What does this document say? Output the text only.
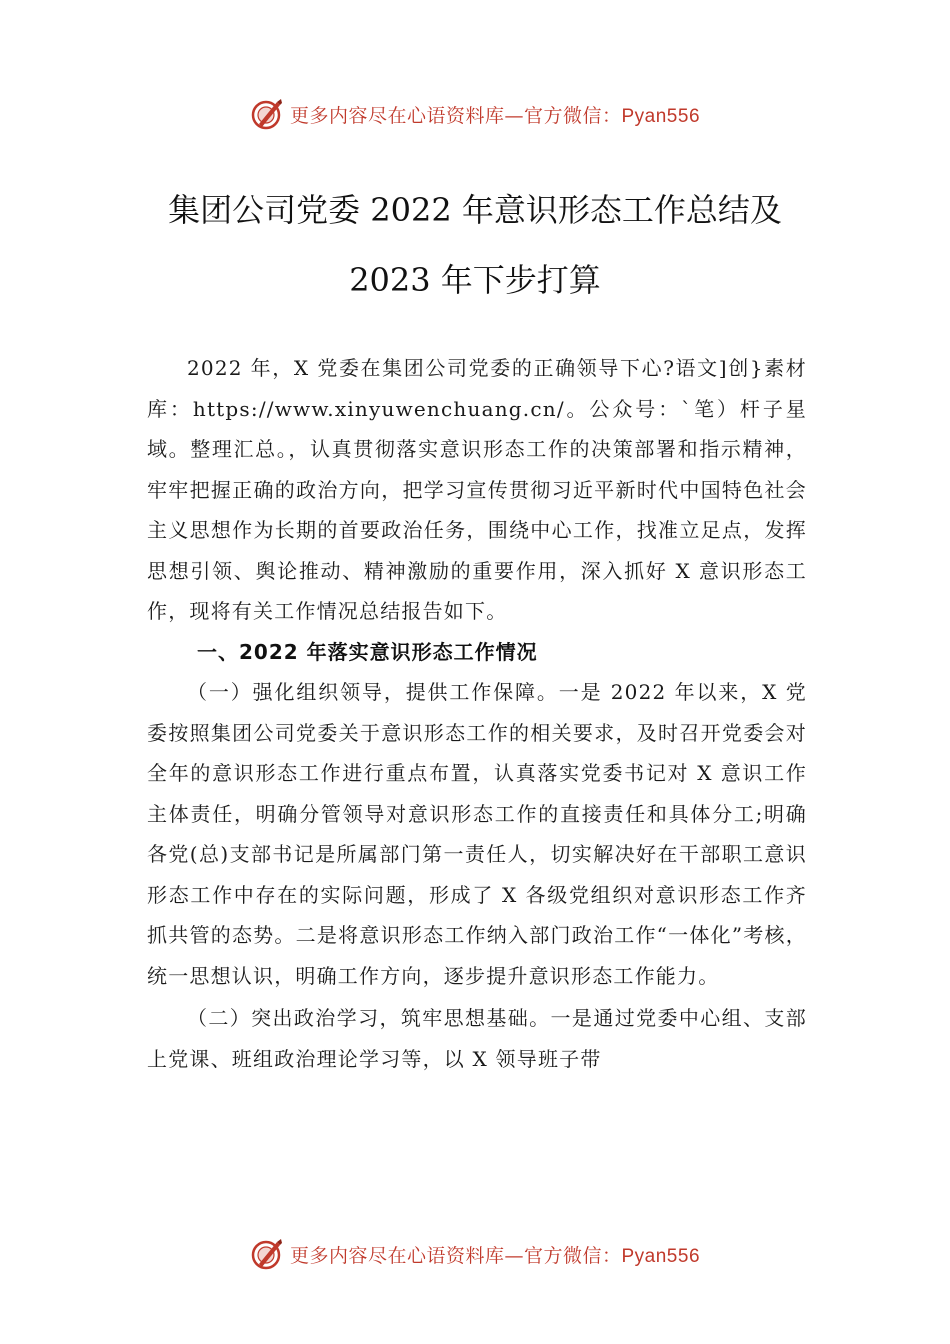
更多内容尽在心语资料库—官方微信：Pyan556
集团公司党委 2022 年意识形态工作总结及
2023 年下步打算

2022 年，X 党委在集团公司党委的正确领导下心?语文]创}素材库：https://www.xinyuwenchuang.cn/。公众号：`笔）杆子星域。整理汇总。，认真贯彻落实意识形态工作的决策部署和指示精神，牢牢把握正确的政治方向，把学习宣传贯彻习近平新时代中国特色社会主义思想作为长期的首要政治任务，围绕中心工作，找准立足点，发挥思想引领、舆论推动、精神激励的重要作用，深入抓好 X 意识形态工作，现将有关工作情况总结报告如下。

一、2022 年落实意识形态工作情况

（一）强化组织领导，提供工作保障。一是 2022 年以来，X 党委按照集团公司党委关于意识形态工作的相关要求，及时召开党委会对全年的意识形态工作进行重点布置，认真落实党委书记对 X 意识工作主体责任，明确分管领导对意识形态工作的直接责任和具体分工;明确各党(总)支部书记是所属部门第一责任人，切实解决好在干部职工意识形态工作中存在的实际问题，形成了 X 各级党组织对意识形态工作齐抓共管的态势。二是将意识形态工作纳入部门政治工作“一体化”考核，统一思想认识，明确工作方向，逐步提升意识形态工作能力。

（二）突出政治学习，筑牢思想基础。一是通过党委中心组、支部上党课、班组政治理论学习等，以 X 领导班子带

更多内容尽在心语资料库—官方微信：Pyan556
